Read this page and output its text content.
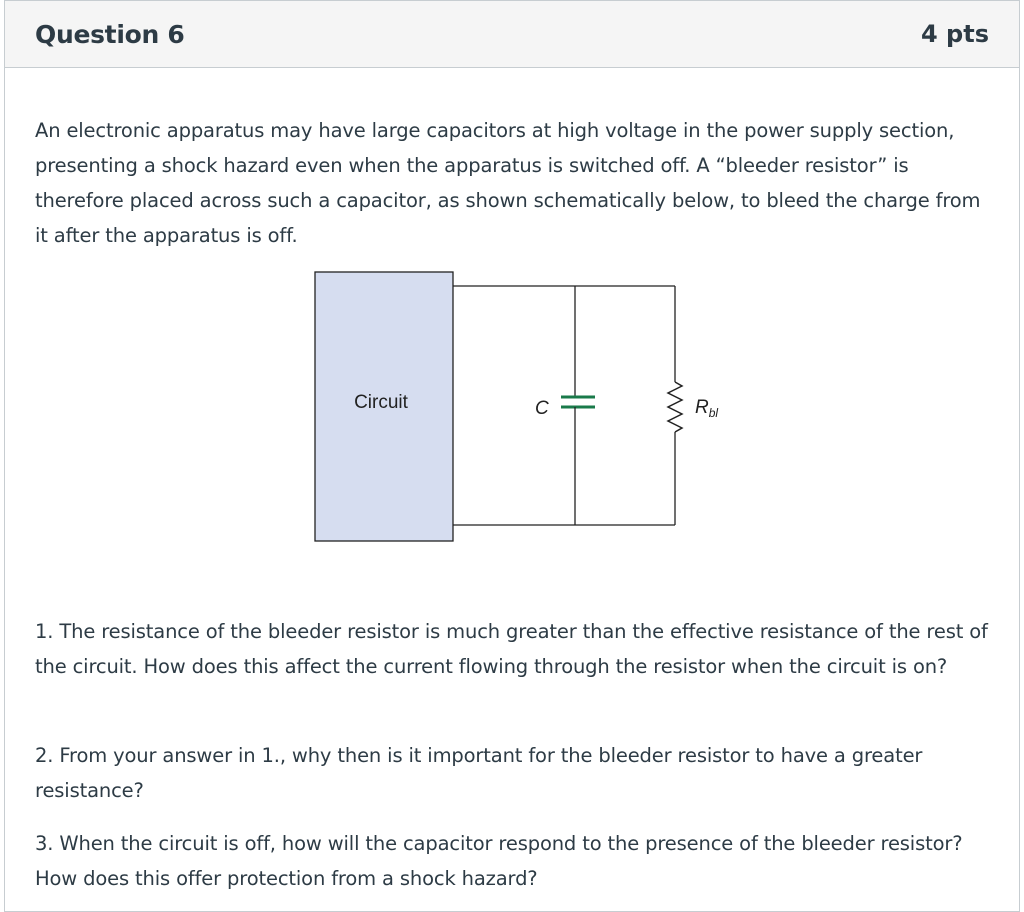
Question 6	4 pts

An electronic apparatus may have large capacitors at high voltage in the power supply section, presenting a shock hazard even when the apparatus is switched off. A “bleeder resistor” is therefore placed across such a capacitor, as shown schematically below, to bleed the charge from it after the apparatus is off.

Circuit	C	$R_{bl}$

1. The resistance of the bleeder resistor is much greater than the effective resistance of the rest of the circuit. How does this affect the current flowing through the resistor when the circuit is on?

2. From your answer in 1., why then is it important for the bleeder resistor to have a greater resistance?

3. When the circuit is off, how will the capacitor respond to the presence of the bleeder resistor? How does this offer protection from a shock hazard?
